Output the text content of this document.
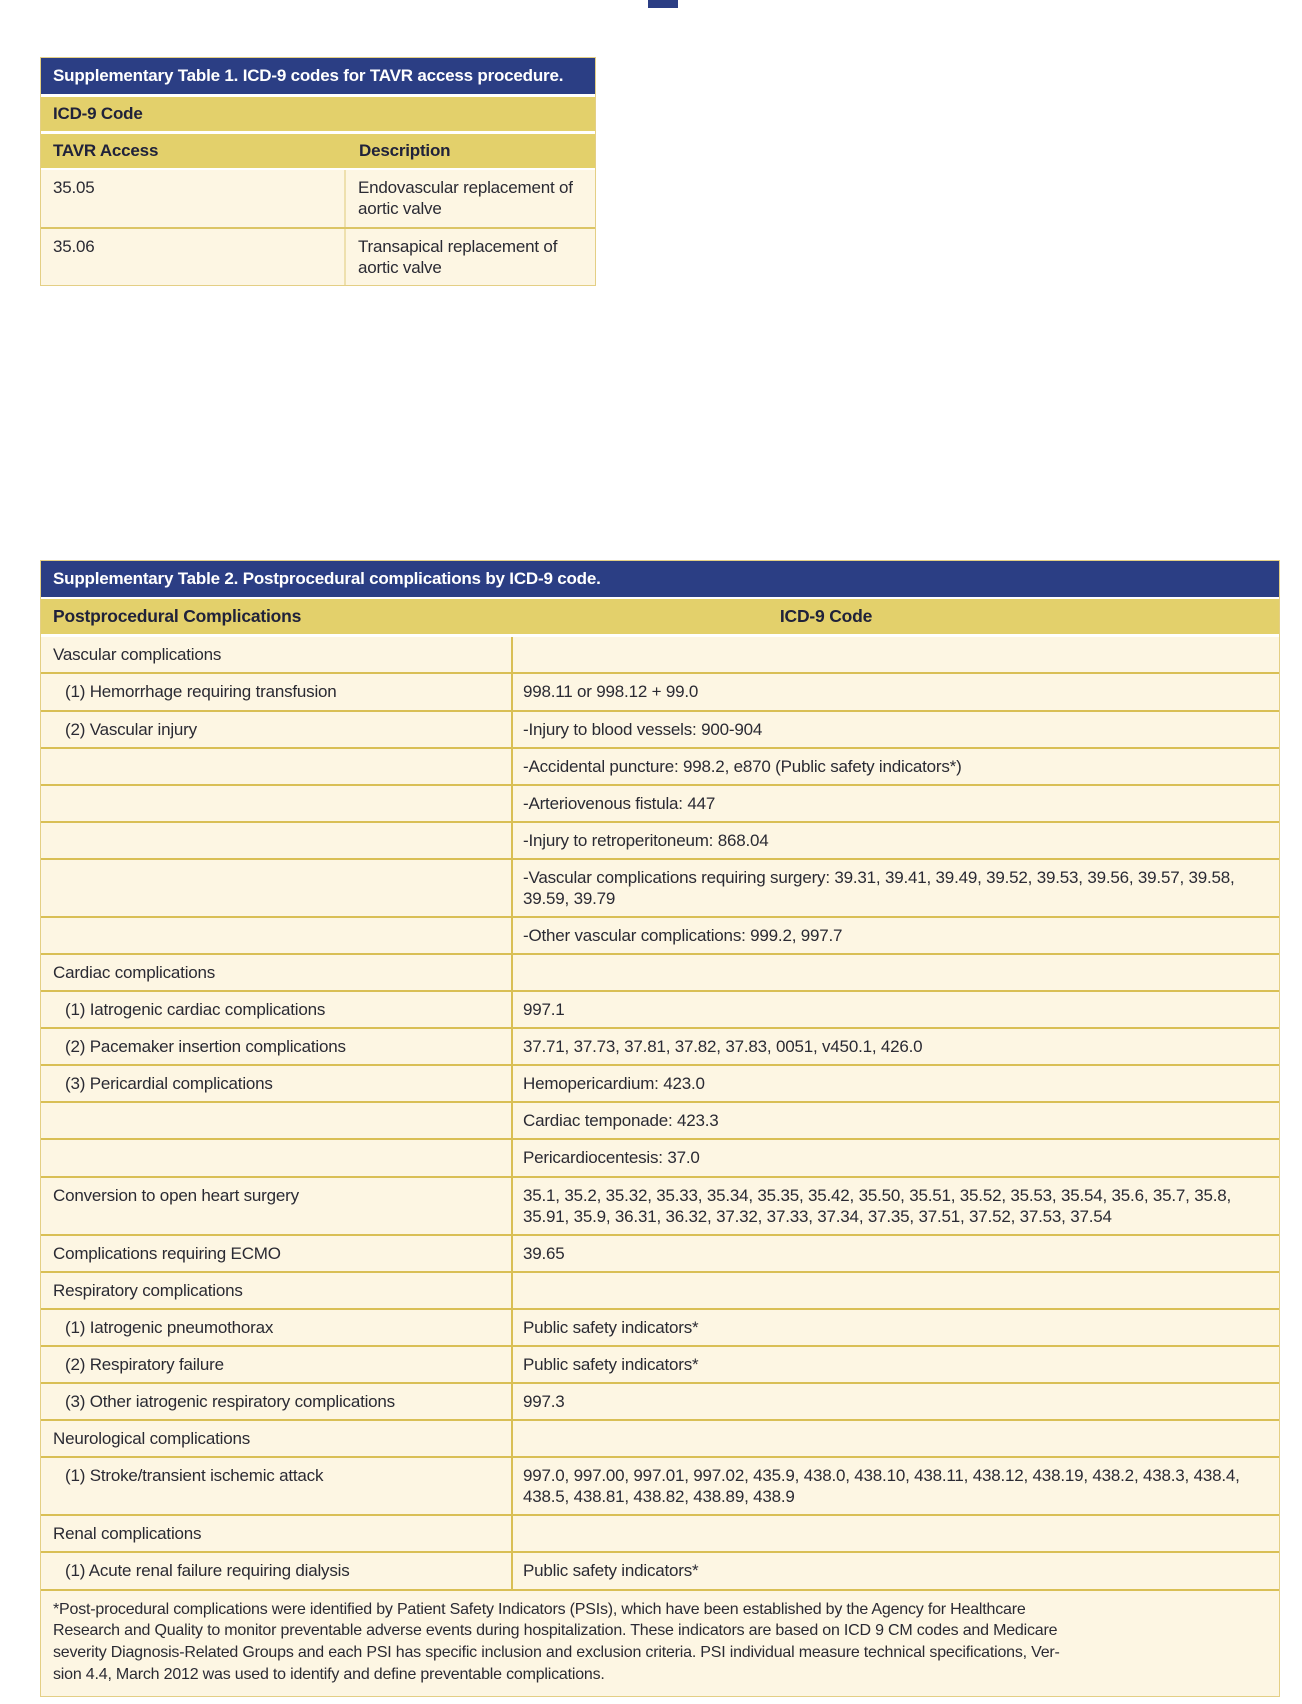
Supplementary Table 1. ICD-9 codes for TAVR access procedure.
ICD-9 Code
TAVR Access	Description
35.05	Endovascular replacement of aortic valve
35.06	Transapical replacement of aortic valve
Supplementary Table 2. Postprocedural complications by ICD-9 code.
Postprocedural Complications	ICD-9 Code
Vascular complications
(1) Hemorrhage requiring transfusion	998.11 or 998.12 + 99.0
(2) Vascular injury	-Injury to blood vessels: 900-904
-Accidental puncture: 998.2, e870 (Public safety indicators*)
-Arteriovenous fistula: 447
-Injury to retroperitoneum: 868.04
-Vascular complications requiring surgery: 39.31, 39.41, 39.49, 39.52, 39.53, 39.56, 39.57, 39.58, 39.59, 39.79
-Other vascular complications: 999.2, 997.7
Cardiac complications
(1) Iatrogenic cardiac complications	997.1
(2) Pacemaker insertion complications	37.71, 37.73, 37.81, 37.82, 37.83, 0051, v450.1, 426.0
(3) Pericardial complications	Hemopericardium: 423.0
Cardiac temponade: 423.3
Pericardiocentesis: 37.0
Conversion to open heart surgery	35.1, 35.2, 35.32, 35.33, 35.34, 35.35, 35.42, 35.50, 35.51, 35.52, 35.53, 35.54, 35.6, 35.7, 35.8, 35.91, 35.9, 36.31, 36.32, 37.32, 37.33, 37.34, 37.35, 37.51, 37.52, 37.53, 37.54
Complications requiring ECMO	39.65
Respiratory complications
(1) Iatrogenic pneumothorax	Public safety indicators*
(2) Respiratory failure	Public safety indicators*
(3) Other iatrogenic respiratory complications	997.3
Neurological complications
(1) Stroke/transient ischemic attack	997.0, 997.00, 997.01, 997.02, 435.9, 438.0, 438.10, 438.11, 438.12, 438.19, 438.2, 438.3, 438.4, 438.5, 438.81, 438.82, 438.89, 438.9
Renal complications
(1) Acute renal failure requiring dialysis	Public safety indicators*
*Post-procedural complications were identified by Patient Safety Indicators (PSIs), which have been established by the Agency for Healthcare
Research and Quality to monitor preventable adverse events during hospitalization. These indicators are based on ICD 9 CM codes and Medicare
severity Diagnosis-Related Groups and each PSI has specific inclusion and exclusion criteria. PSI individual measure technical specifications, Ver-
sion 4.4, March 2012 was used to identify and define preventable complications.
